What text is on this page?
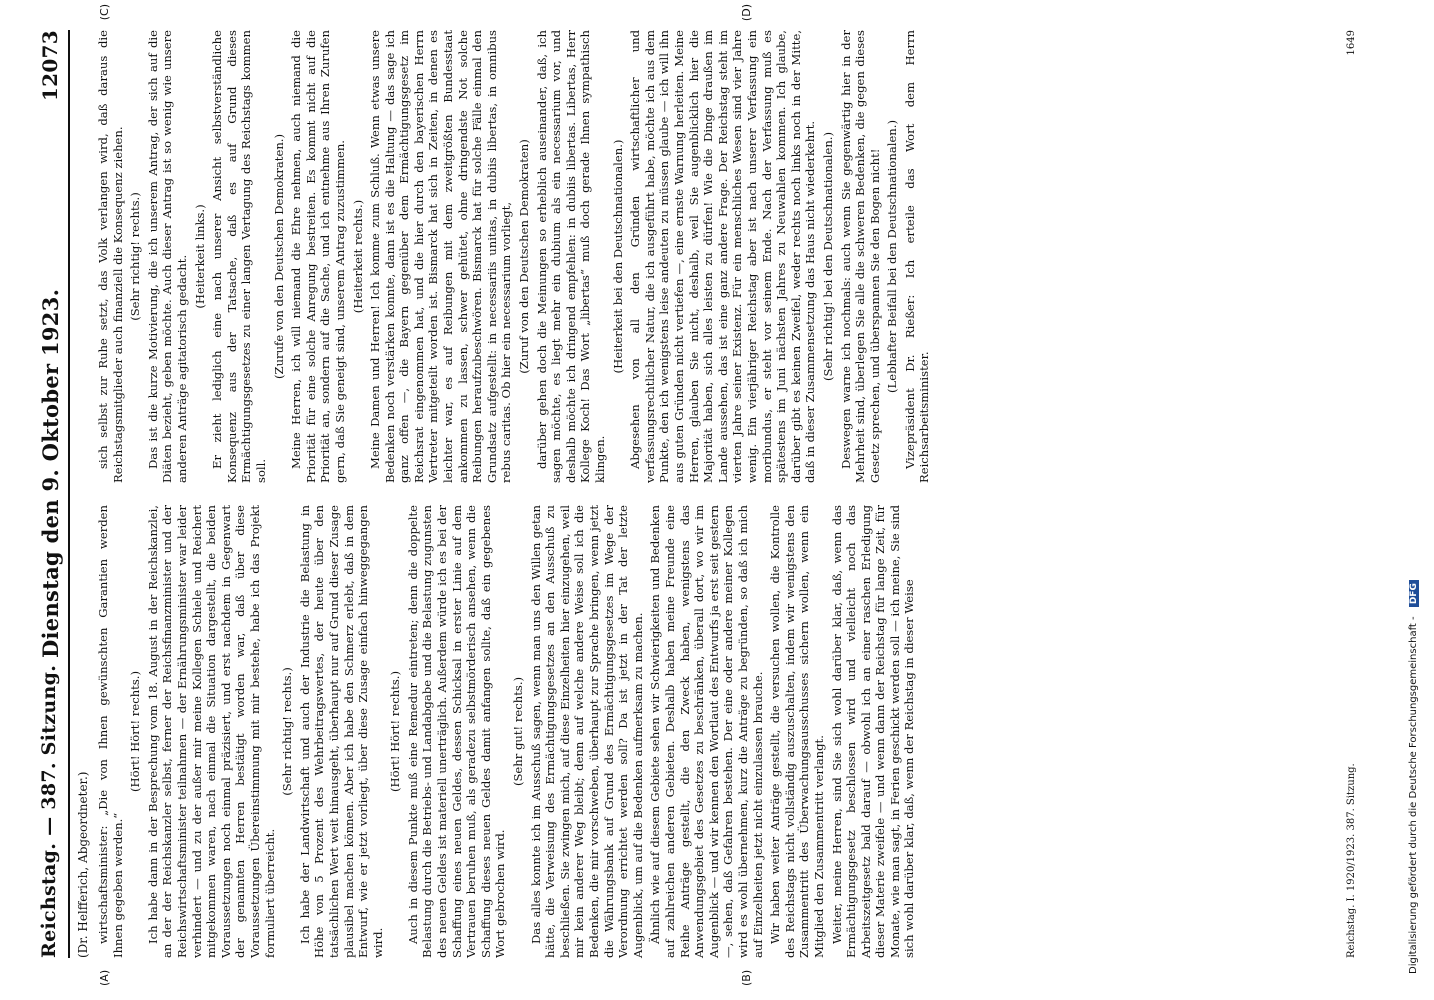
Reichstag. — 387. Sitzung.
Dienstag den 9. Oktober 1923.
12073
(Dr. Helfferich, Abgeordneter.) wirtschaftsminister: „Die von Ihnen gewünschten Garantien werden Ihnen gegeben werden.“

(Hört! Hört! rechts.) Ich habe dann in der Besprechung vom 18. August in der Reichskanzlei, an der der Reichskanzler selbst, ferner der Reichsfinanzminister und der Reichswirtschaftsminister teilnahmen — der Ernährungsminister war leider verhindert — und zu der außer mir meine Kollegen Schiele und Reichert mitgekommen waren, nach einmal die Situation dargestellt, die beiden Voraussetzungen noch einmal präzisiert, und erst nachdem in Gegenwart der genannten Herren bestätigt worden war, daß über diese Voraussetzungen Übereinstimmung mit mir bestehe, habe ich das Projekt formuliert überreicht.

(Sehr richtig! rechts.) Ich habe der Landwirtschaft und auch der Industrie die Belastung in Höhe von 5 Prozent des Wehrbeitragswertes, der heute über den tatsächlichen Wert weit hinausgeht, überhaupt nur auf Grund dieser Zusage plausibel machen können. Aber ich habe den Schmerz erlebt, daß in dem Entwurf, wie er jetzt vorliegt, über diese Zusage einfach hinweggegangen wird.

(Hört! Hört! rechts.) Auch in diesem Punkte muß eine Remedur eintreten; denn die doppelte Belastung durch die Betriebs- und Landabgabe und die Belastung zugunsten des neuen Geldes ist materiell unerträglich. Außerdem würde ich es bei der Schaffung eines neuen Geldes, dessen Schicksal in erster Linie auf dem Vertrauen beruhen muß, als geradezu selbstmörderisch ansehen, wenn die Schaffung dieses neuen Geldes damit anfangen sollte, daß ein gegebenes Wort gebrochen wird.

(Sehr gut! rechts.) Das alles konnte ich im Ausschuß sagen, wenn man uns den Willen getan hätte, die Verweisung des Ermächtigungsgesetzes an den Ausschuß zu beschließen. Sie zwingen mich, auf diese Einzelheiten hier einzugehen, weil mir kein anderer Weg bleibt; denn auf welche andere Weise soll ich die Bedenken, die mir vorschweben, überhaupt zur Sprache bringen, wenn jetzt die Währungsbank auf Grund des Ermächtigungsgesetzes im Wege der Verordnung errichtet werden soll? Da ist jetzt in der Tat der letzte Augenblick, um auf die Bedenken aufmerksam zu machen. Ähnlich wie auf diesem Gebiete sehen wir Schwierigkeiten und Bedenken auf zahlreichen anderen Gebieten. Deshalb haben meine Freunde eine Reihe Anträge gestellt, die den Zweck haben, wenigstens das Anwendungsgebiet des Gesetzes zu beschränken, überall dort, wo wir im Augenblick — und wir kennen den Wortlaut des Entwurfs ja erst seit gestern —, sehen, daß Gefahren bestehen. Der eine oder andere meiner Kollegen wird es wohl übernehmen, kurz die Anträge zu begründen, so daß ich mich auf Einzelheiten jetzt nicht einzulassen brauche. Wir haben weiter Anträge gestellt, die versuchen wollen, die Kontrolle des Reichstags nicht vollständig auszuschalten, indem wir wenigstens den Zusammentritt des Überwachungsausschusses sichern wollen, wenn ein Mitglied den Zusammentritt verlangt. Weiter, meine Herren, sind Sie sich wohl darüber klar, daß, wenn das Ermächtigungsgesetz beschlossen wird und vielleicht noch das Arbeitszeitgesetz bald darauf — obwohl ich an einer raschen Erledigung dieser Materie zweifele — und wenn dann der Reichstag für lange Zeit, für Monate, wie man sagt, in Ferien geschickt werden soll — ich meine, Sie sind sich wohl darüber klar, daß, wenn der Reichstag in dieser Weise	Reichstag. I. 1920/1923. 387. Sitzung.

sich selbst zur Ruhe setzt, das Volk verlangen wird, daß daraus die Reichstagsmitglieder auch finanziell die Konsequenz ziehen. (Sehr richtig! rechts.) Das ist die kurze Motivierung, die ich unserem Antrag, der sich auf die Diäten bezieht, geben möchte. Auch dieser Antrag ist so wenig wie unsere anderen Anträge agitatorisch gedacht. (Heiterkeit links.) Er zieht lediglich eine nach unserer Ansicht selbstverständliche Konsequenz aus der Tatsache, daß es auf Grund dieses Ermächtigungsgesetzes zu einer langen Vertagung des Reichstags kommen soll.

(Zurufe von den Deutschen Demokraten.) Meine Herren, ich will niemand die Ehre nehmen, auch niemand die Priorität für eine solche Anregung bestreiten. Es kommt nicht auf die Priorität an, sondern auf die Sache, und ich entnehme aus Ihren Zurufen gern, daß Sie geneigt sind, unserem Antrag zuzustimmen. (Heiterkeit rechts.) Meine Damen und Herren! Ich komme zum Schluß. Wenn etwas unsere Bedenken noch verstärken konnte, dann ist es die Haltung — das sage ich ganz offen —, die Bayern gegenüber dem Ermächtigungsgesetz im Reichsrat eingenommen hat, und die hier durch den bayerischen Herrn Vertreter mitgeteilt worden ist. Bismarck hat sich in Zeiten, in denen es leichter war, es auf Reibungen mit dem zweitgrößten Bundesstaat ankommen zu lassen, schwer gehütet, ohne dringendste Not solche Reibungen heraufzubeschwören. Bismarck hat für solche Fälle einmal den Grundsatz aufgestellt: in necessariis unitas, in dubiis libertas, in omnibus rebus caritas. Ob hier ein necessarium vorliegt, (Zuruf von den Deutschen Demokraten) darüber gehen doch die Meinungen so erheblich auseinander, daß, ich sagen möchte, es liegt mehr ein dubium als ein necessarium vor, und deshalb möchte ich dringend empfehlen: in dubiis libertas. Libertas, Herr Kollege Koch! Das Wort „libertas“ muß doch gerade Ihnen sympathisch klingen.

(Heiterkeit bei den Deutschnationalen.) Abgesehen von all den Gründen wirtschaftlicher und verfassungsrechtlicher Natur, die ich ausgeführt habe, möchte ich aus dem Punkte, den ich wenigstens leise andeuten zu müssen glaube — ich will ihn aus guten Gründen nicht vertiefen —, eine ernste Warnung herleiten. Meine Herren, glauben Sie nicht, deshalb, weil Sie augenblicklich hier die Majorität haben, sich alles leisten zu dürfen! Wie die Dinge draußen im Lande aussehen, das ist eine ganz andere Frage. Der Reichstag steht im vierten Jahre seiner Existenz. Für ein menschliches Wesen sind vier Jahre wenig. Ein vierjähriger Reichstag aber ist nach unserer Verfassung ein moribundus, er steht vor seinem Ende. Nach der Verfassung muß es spätestens im Juni nächsten Jahres zu Neuwahlen kommen. Ich glaube, darüber gibt es keinen Zweifel, weder rechts noch links noch in der Mitte, daß in dieser Zusammensetzung das Haus nicht wiederkehrt. (Sehr richtig! bei den Deutschnationalen.) Deswegen warne ich nochmals: auch wenn Sie gegenwärtig hier in der Mehrheit sind, überlegen Sie alle die schweren Bedenken, die gegen dieses Gesetz sprechen, und überspannen Sie den Bogen nicht! (Lebhafter Beifall bei den Deutschnationalen.) Vizepräsident Dr. Rießer: Ich erteile das Wort dem Herrn Reichsarbeitsminister.

1649
(A)	(B)
(C)	(D)
Digitalisierung gefördert durch die Deutsche Forschungsgemeinschaft - DFG
